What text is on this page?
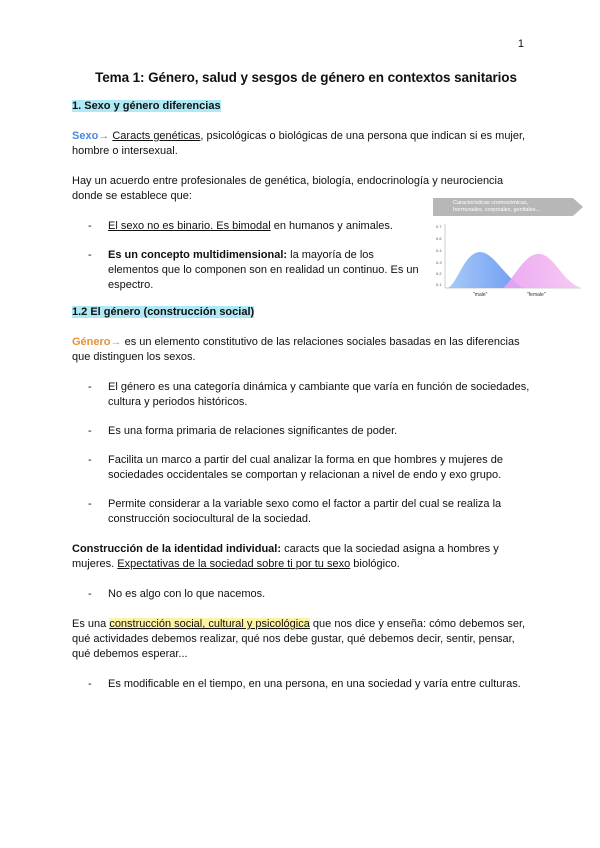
1
Tema 1: Género, salud y sesgos de género en contextos sanitarios

1. Sexo y género diferencias

Sexo→ Caracts genéticas, psicológicas o biológicas de una persona que indican si es mujer, hombre o intersexual.

Hay un acuerdo entre profesionales de genética, biología, endocrinología y neurociencia donde se establece que:

- El sexo no es binario. Es bimodal en humanos y animales.
- Es un concepto multidimensional: la mayoría de los elementos que lo componen son en realidad un continuo. Es un espectro.

1.2 El género (construcción social)

Género→ es un elemento constitutivo de las relaciones sociales basadas en las diferencias que distinguen los sexos.

- El género es una categoría dinámica y cambiante que varía en función de sociedades, cultura y periodos históricos.
- Es una forma primaria de relaciones significantes de poder.
- Facilita un marco a partir del cual analizar la forma en que hombres y mujeres de sociedades occidentales se comportan y relacionan a nivel de endo y exo grupo.
- Permite considerar a la variable sexo como el factor a partir del cual se realiza la construcción sociocultural de la sociedad.

Construcción de la identidad individual: caracts que la sociedad asigna a hombres y mujeres. Expectativas de la sociedad sobre ti por tu sexo biológico.

- No es algo con lo que nacemos.

Es una construcción social, cultural y psicológica que nos dice y enseña: cómo debemos ser, qué actividades debemos realizar, qué nos debe gustar, qué debemos decir, sentir, pensar, qué debemos esperar...

- Es modificable en el tiempo, en una persona, en una sociedad y varía entre culturas.
Características cromosómicas,
hormonales, corporales, genitales...
0.7
0.6
0.4
0.3
0.2
0.1
"male"	"female"
